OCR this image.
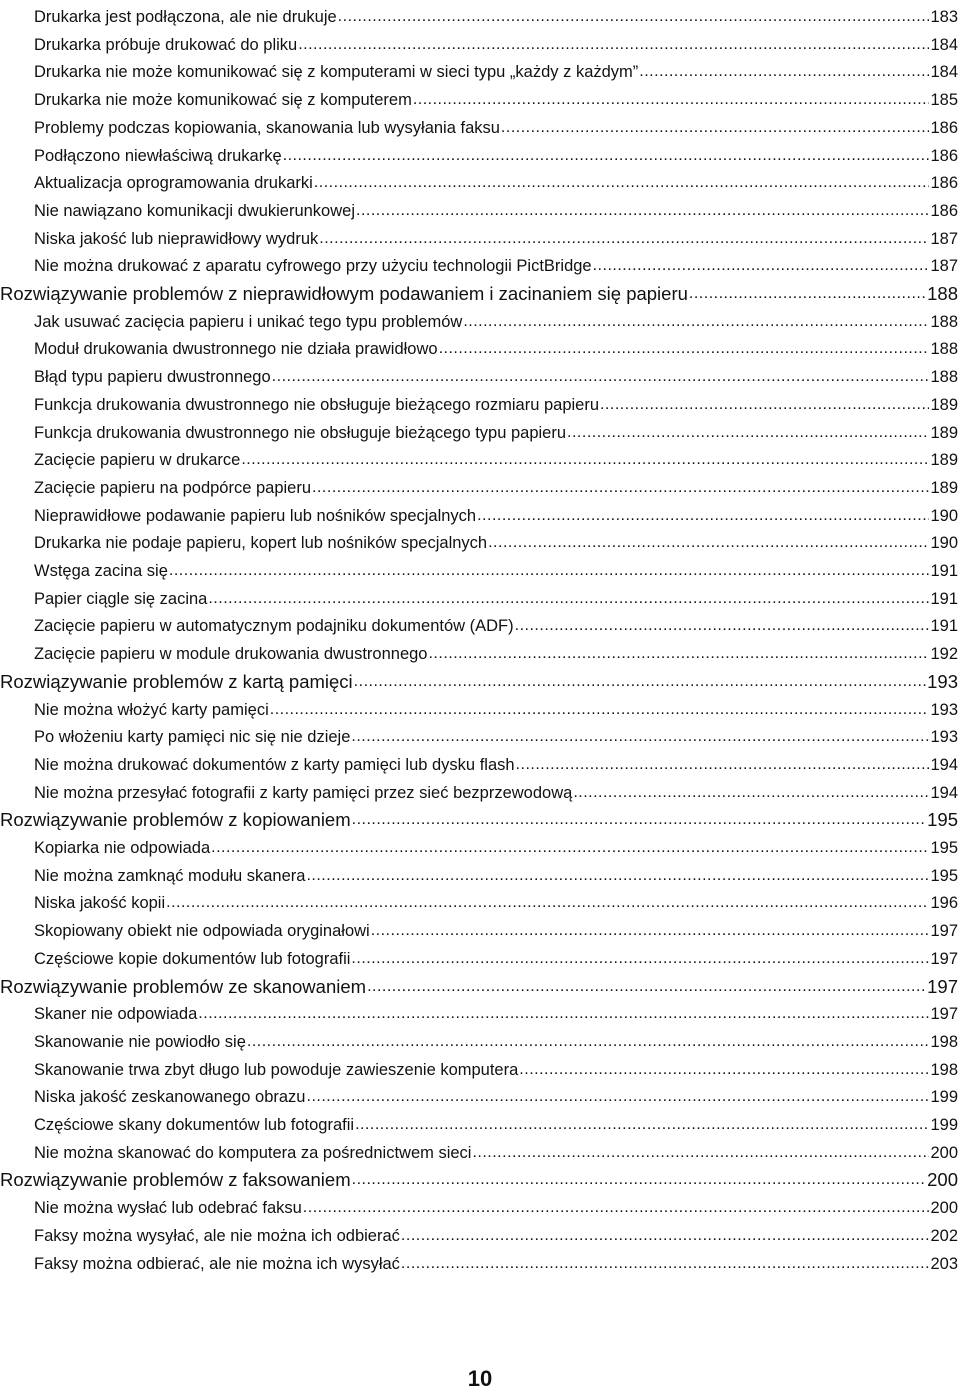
Drukarka jest podłączona, ale nie drukuje .....	183
Drukarka próbuje drukować do pliku .....	184
Drukarka nie może komunikować się z komputerami w sieci typu „każdy z każdym” .....	184
Drukarka nie może komunikować się z komputerem .....	185
Problemy podczas kopiowania, skanowania lub wysyłania faksu .....	186
Podłączono niewłaściwą drukarkę .....	186
Aktualizacja oprogramowania drukarki .....	186
Nie nawiązano komunikacji dwukierunkowej .....	186
Niska jakość lub nieprawidłowy wydruk .....	187
Nie można drukować z aparatu cyfrowego przy użyciu technologii PictBridge .....	187
Rozwiązywanie problemów z nieprawidłowym podawaniem i zacinaniem się papieru .....	188
Jak usuwać zacięcia papieru i unikać tego typu problemów .....	188
Moduł drukowania dwustronnego nie działa prawidłowo .....	188
Błąd typu papieru dwustronnego .....	188
Funkcja drukowania dwustronnego nie obsługuje bieżącego rozmiaru papieru .....	189
Funkcja drukowania dwustronnego nie obsługuje bieżącego typu papieru .....	189
Zacięcie papieru w drukarce .....	189
Zacięcie papieru na podpórce papieru .....	189
Nieprawidłowe podawanie papieru lub nośników specjalnych .....	190
Drukarka nie podaje papieru, kopert lub nośników specjalnych .....	190
Wstęga zacina się .....	191
Papier ciągle się zacina .....	191
Zacięcie papieru w automatycznym podajniku dokumentów (ADF) .....	191
Zacięcie papieru w module drukowania dwustronnego .....	192
Rozwiązywanie problemów z kartą pamięci .....	193
Nie można włożyć karty pamięci .....	193
Po włożeniu karty pamięci nic się nie dzieje .....	193
Nie można drukować dokumentów z karty pamięci lub dysku flash .....	194
Nie można przesyłać fotografii z karty pamięci przez sieć bezprzewodową .....	194
Rozwiązywanie problemów z kopiowaniem .....	195
Kopiarka nie odpowiada .....	195
Nie można zamknąć modułu skanera .....	195
Niska jakość kopii .....	196
Skopiowany obiekt nie odpowiada oryginałowi .....	197
Częściowe kopie dokumentów lub fotografii .....	197
Rozwiązywanie problemów ze skanowaniem .....	197
Skaner nie odpowiada .....	197
Skanowanie nie powiodło się .....	198
Skanowanie trwa zbyt długo lub powoduje zawieszenie komputera .....	198
Niska jakość zeskanowanego obrazu .....	199
Częściowe skany dokumentów lub fotografii .....	199
Nie można skanować do komputera za pośrednictwem sieci .....	200
Rozwiązywanie problemów z faksowaniem .....	200
Nie można wysłać lub odebrać faksu .....	200
Faksy można wysyłać, ale nie można ich odbierać .....	202
Faksy można odbierać, ale nie można ich wysyłać .....	203
10
